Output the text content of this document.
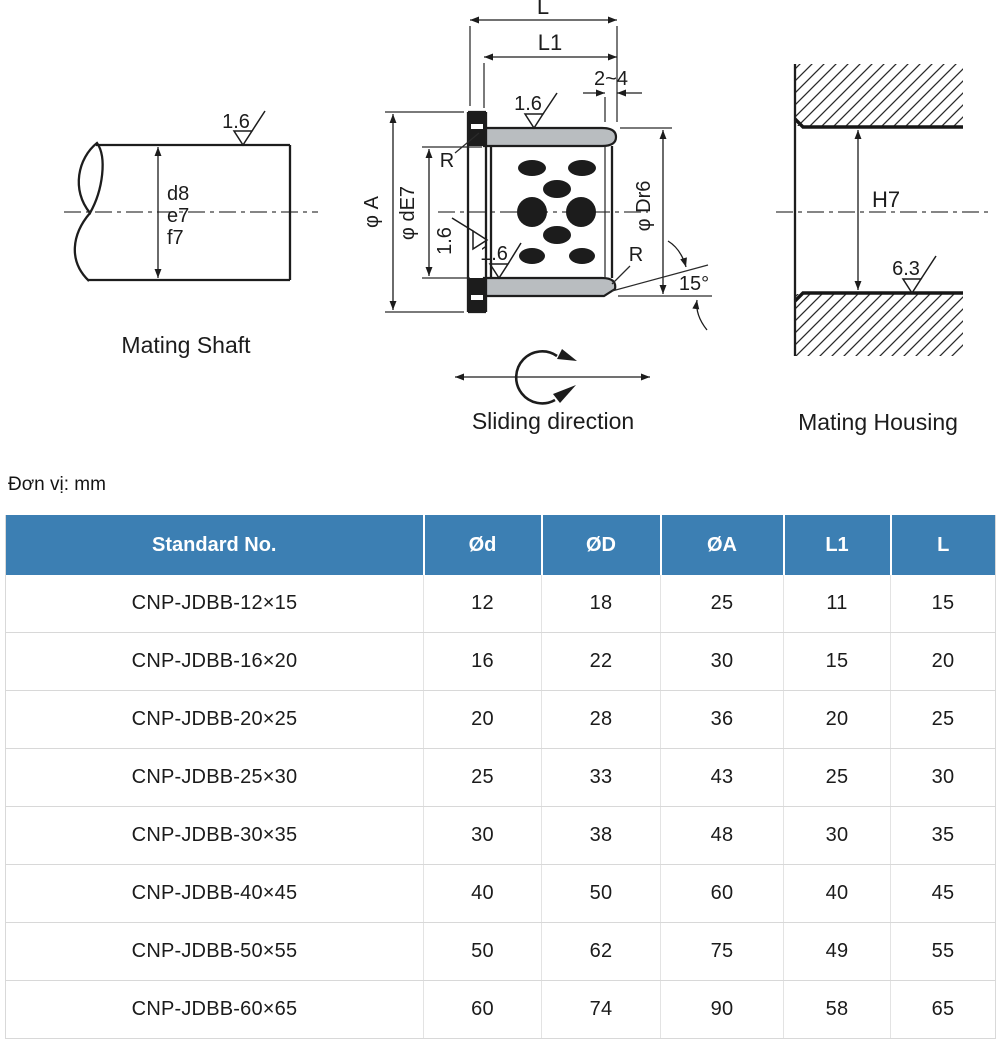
d8
e7
f7
1.6
Mating Shaft
L
L1
2~4
φ A φ dE7	φ Dr6
R
R
15°
1.6
1.6
1.6
Sliding direction
H7
6.3
Mating Housing
Đơn vị: mm
Standard No.	Ød	ØD	ØA	L1	L
CNP-JDBB-12×15	12	18	25	11	15
CNP-JDBB-16×20	16	22	30	15	20
CNP-JDBB-20×25	20	28	36	20	25
CNP-JDBB-25×30	25	33	43	25	30
CNP-JDBB-30×35	30	38	48	30	35
CNP-JDBB-40×45	40	50	60	40	45
CNP-JDBB-50×55	50	62	75	49	55
CNP-JDBB-60×65	60	74	90	58	65
